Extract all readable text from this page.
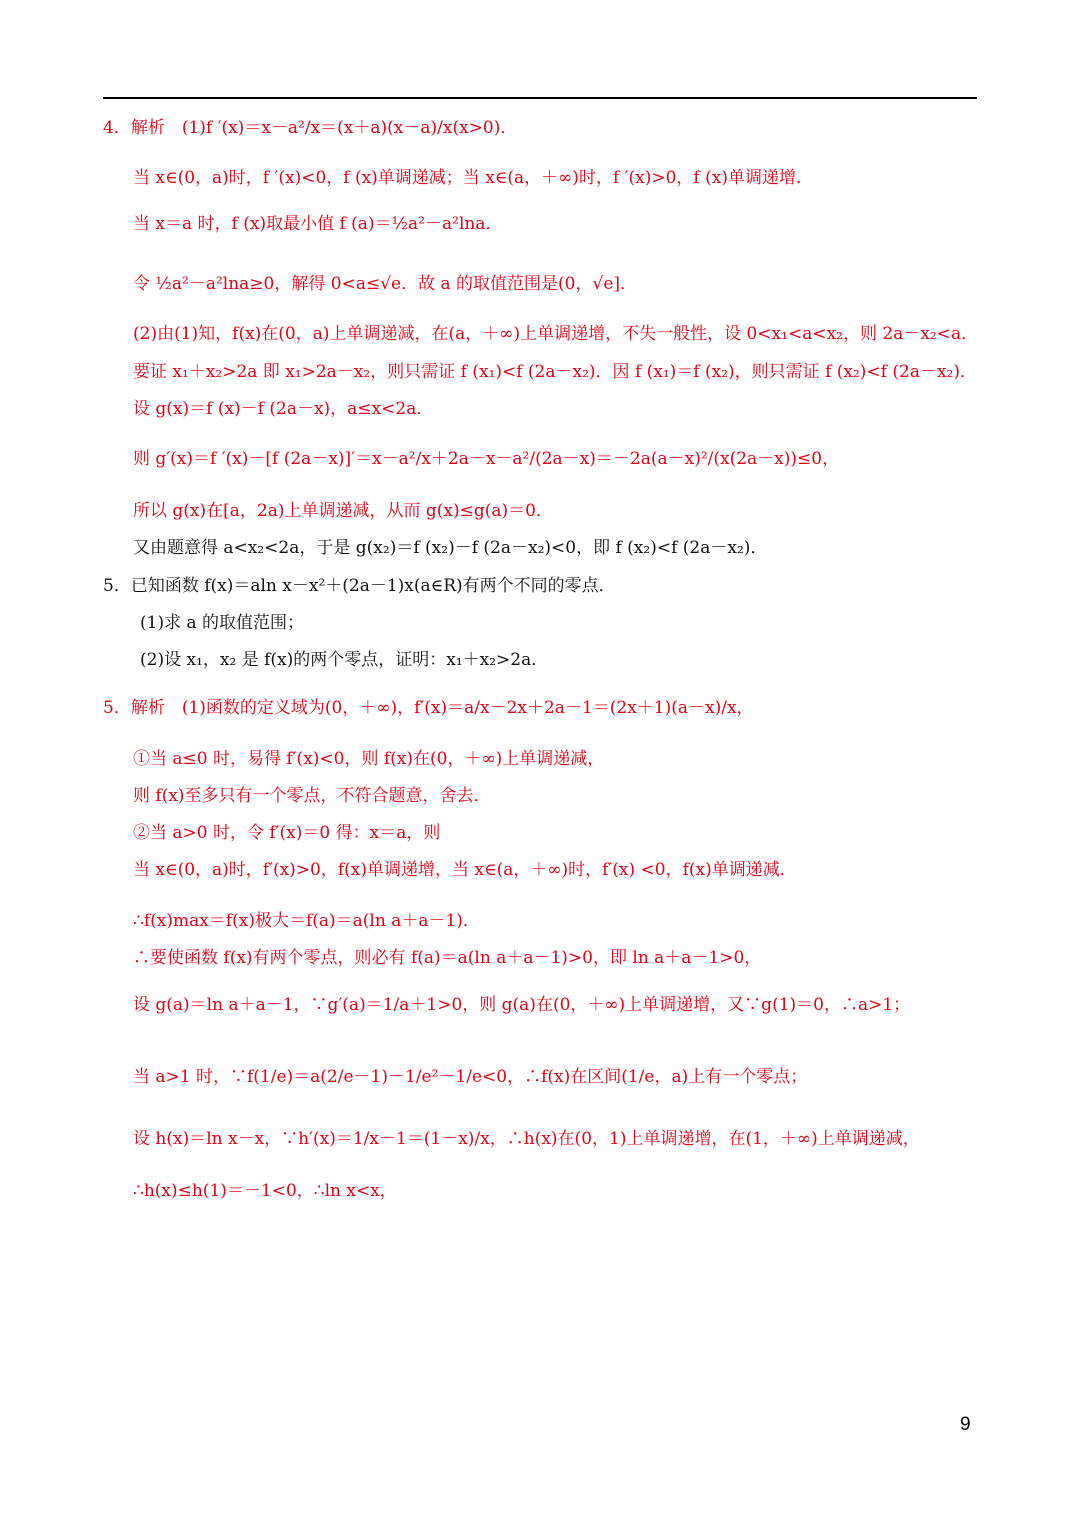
4．解析　(1)f ′(x)＝x－a²/x＝(x＋a)(x－a)/x(x>0)．
当 x∈(0，a)时，f ′(x)<0，f (x)单调递减；当 x∈(a，＋∞)时，f ′(x)>0，f (x)单调递增．
当 x＝a 时，f (x)取最小值 f (a)＝½a²－a²lna．
令 ½a²－a²lna≥0，解得 0<a≤√e．故 a 的取值范围是(0，√e]．
(2)由(1)知，f(x)在(0，a)上单调递减，在(a，＋∞)上单调递增，不失一般性，设 0<x₁<a<x₂，则 2a－x₂<a．
要证 x₁＋x₂>2a 即 x₁>2a－x₂，则只需证 f (x₁)<f (2a－x₂)．因 f (x₁)＝f (x₂)，则只需证 f (x₂)<f (2a－x₂)．
设 g(x)＝f (x)－f (2a－x)，a≤x<2a．
则 g′(x)＝f ′(x)－[f (2a－x)]′＝x－a²/x＋2a－x－a²/(2a－x)＝－2a(a－x)²/(x(2a－x))≤0，
所以 g(x)在[a，2a)上单调递减，从而 g(x)≤g(a)＝0．
又由题意得 a<x₂<2a，于是 g(x₂)＝f (x₂)－f (2a－x₂)<0，即 f (x₂)<f (2a－x₂)．
5．已知函数 f(x)＝aln x－x²＋(2a－1)x(a∈R)有两个不同的零点．
(1)求 a 的取值范围；
(2)设 x₁，x₂ 是 f(x)的两个零点，证明：x₁＋x₂>2a．
5．解析　(1)函数的定义域为(0，＋∞)，f′(x)＝a/x－2x＋2a－1＝(2x＋1)(a－x)/x，
①当 a≤0 时，易得 f′(x)<0，则 f(x)在(0，＋∞)上单调递减，
则 f(x)至多只有一个零点，不符合题意，舍去．
②当 a>0 时，令 f′(x)＝0 得：x＝a，则
当 x∈(0，a)时，f′(x)>0，f(x)单调递增，当 x∈(a，＋∞)时，f′(x) <0，f(x)单调递减．
∴f(x)max＝f(x)极大＝f(a)＝a(ln a＋a－1)．
∴要使函数 f(x)有两个零点，则必有 f(a)＝a(ln a＋a－1)>0，即 ln a＋a－1>0，
设 g(a)＝ln a＋a－1，∵g′(a)＝1/a＋1>0，则 g(a)在(0，＋∞)上单调递增，又∵g(1)＝0，∴a>1；
当 a>1 时，∵f(1/e)＝a(2/e－1)－1/e²－1/e<0，∴f(x)在区间(1/e，a)上有一个零点；
设 h(x)＝ln x－x，∵h′(x)＝1/x－1＝(1－x)/x，∴h(x)在(0，1)上单调递增，在(1，＋∞)上单调递减，
∴h(x)≤h(1)＝－1<0，∴ln x<x，
9
